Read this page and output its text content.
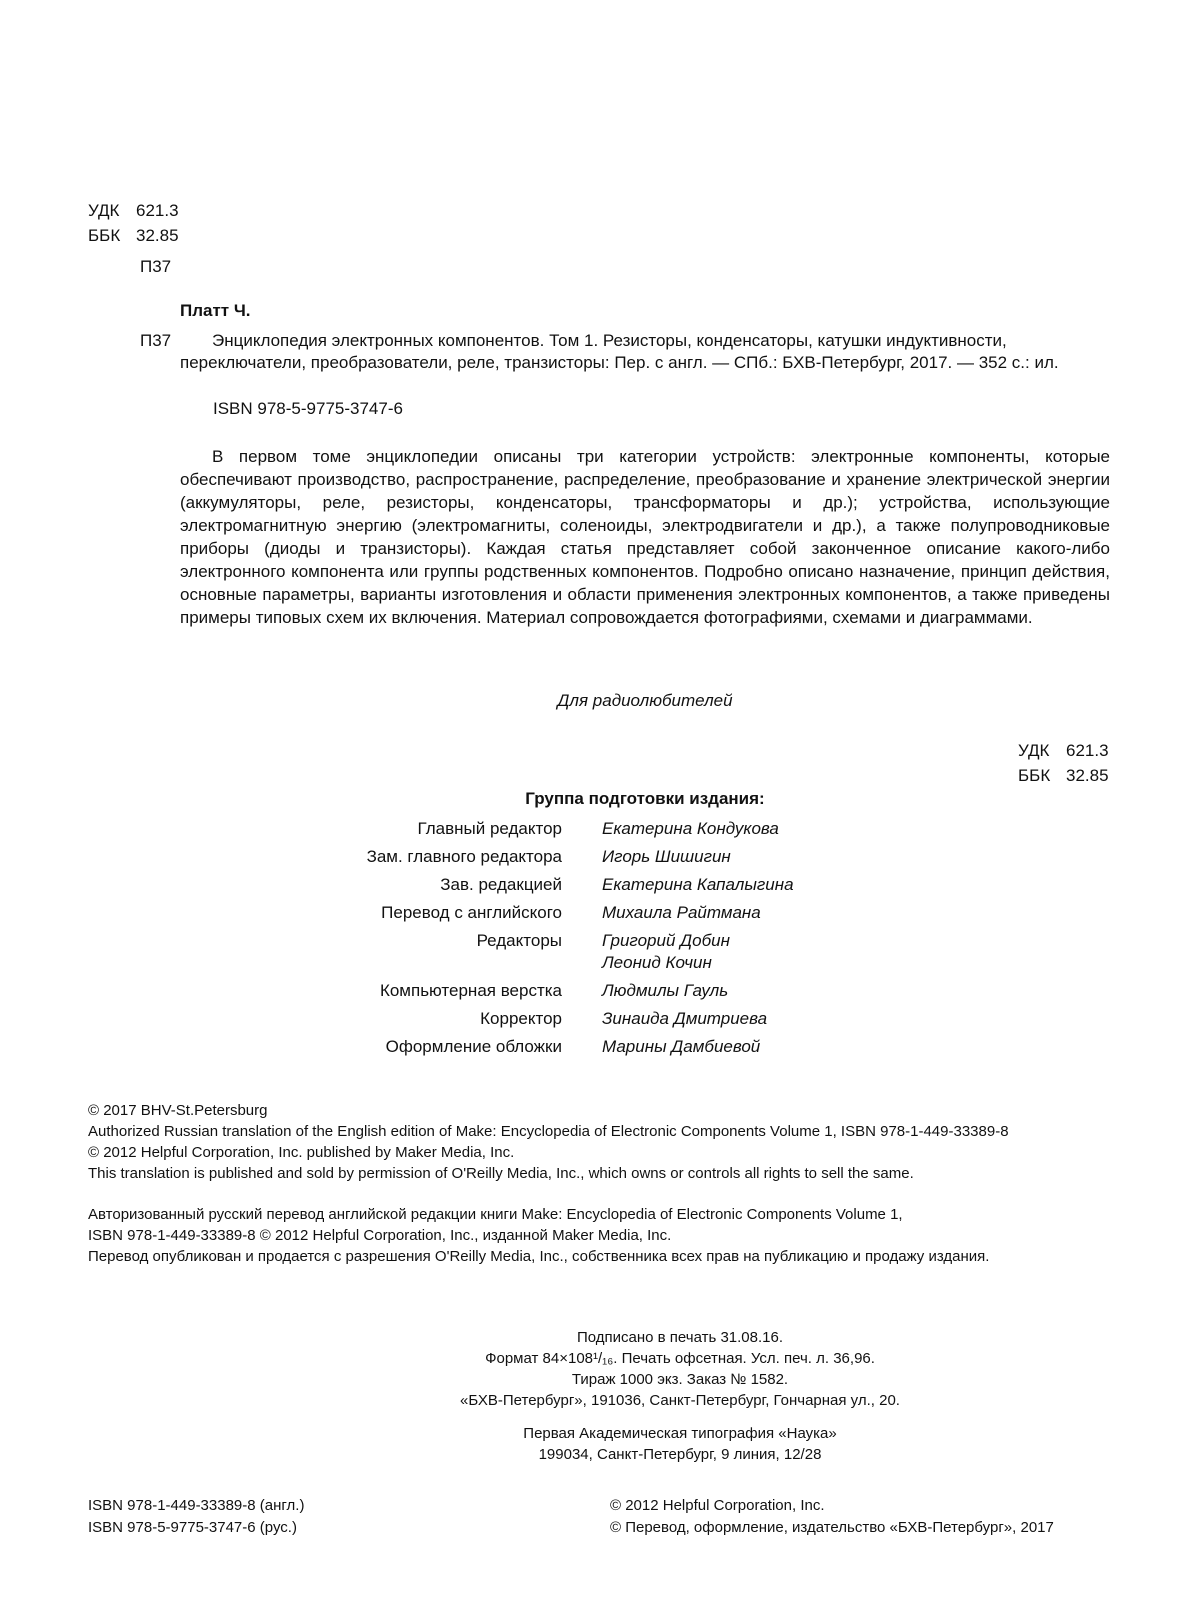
УДК 621.3
ББК 32.85
П37
Платт Ч.
П37	Энциклопедия электронных компонентов. Том 1. Резисторы, конденсаторы, катушки индуктивности,
переключатели, преобразователи, реле, транзисторы: Пер. с англ. — СПб.: БХВ-Петербург, 2017. — 352 с.: ил.
ISBN 978-5-9775-3747-6

В первом томе энциклопедии описаны три категории устройств: электронные компоненты, которые обеспечивают производство, распространение, распределение, преобразование и хранение электрической энергии (аккумуляторы, реле, резисторы, конденсаторы, трансформаторы и др.); устройства, использующие электромагнитную энергию (электромагниты, соленоиды, электродвигатели и др.), а также полупроводниковые приборы (диоды и транзисторы). Каждая статья представляет собой законченное описание какого-либо электронного компонента или группы родственных компонентов. Подробно описано назначение, принцип действия, основные параметры, варианты изготовления и области применения электронных компонентов, а также приведены примеры типовых схем их включения. Материал сопровождается фотографиями, схемами и диаграммами.

Для радиолюбителей
УДК 621.3
ББК 32.85
Группа подготовки издания:
Главный редактор	Екатерина Кондукова
Зам. главного редактора	Игорь Шишигин
Зав. редакцией	Екатерина Капалыгина
Перевод с английского	Михаила Райтмана
Редакторы	Григорий Добин
Леонид Кочин
Компьютерная верстка	Людмилы Гауль
Корректор	Зинаида Дмитриева
Оформление обложки	Марины Дамбиевой

© 2017 BHV-St.Petersburg

Authorized Russian translation of the English edition of Make: Encyclopedia of Electronic Components Volume 1, ISBN 978-1-449-33389-8

© 2012 Helpful Corporation, Inc. published by Maker Media, Inc.

This translation is published and sold by permission of O'Reilly Media, Inc., which owns or controls all rights to sell the same.

Авторизованный русский перевод английской редакции книги Make: Encyclopedia of Electronic Components Volume 1,

ISBN 978-1-449-33389-8 © 2012 Helpful Corporation, Inc., изданной Maker Media, Inc.

Перевод опубликован и продается с разрешения O'Reilly Media, Inc., собственника всех прав на публикацию и продажу издания.

Подписано в печать 31.08.16.

Формат 84×108¹/₁₆. Печать офсетная. Усл. печ. л. 36,96.

Тираж 1000 экз. Заказ № 1582.

«БХВ-Петербург», 191036, Санкт-Петербург, Гончарная ул., 20.

Первая Академическая типография «Наука»

199034, Санкт-Петербург, 9 линия, 12/28

ISBN 978-1-449-33389-8 (англ.)

ISBN 978-5-9775-3747-6 (рус.)

© 2012 Helpful Corporation, Inc.

© Перевод, оформление, издательство «БХВ-Петербург», 2017
